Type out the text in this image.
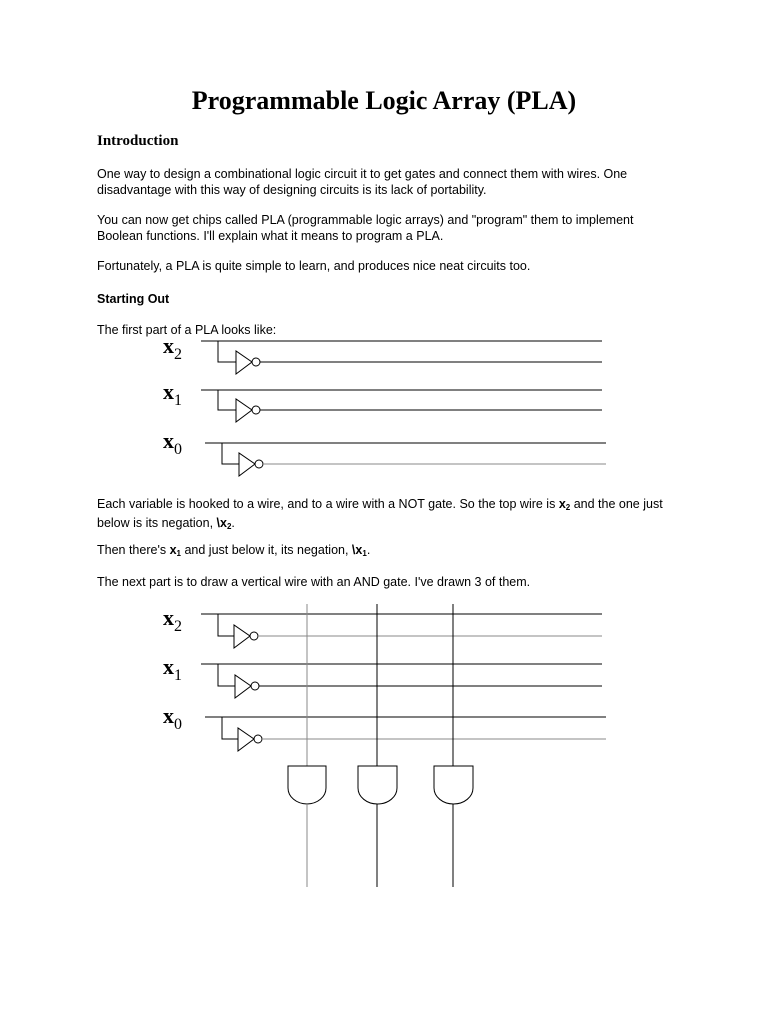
Programmable Logic Array (PLA)
Introduction
One way to design a combinational logic circuit it to get gates and connect them with wires. One disadvantage with this way of designing circuits is its lack of portability.
You can now get chips called PLA (programmable logic arrays) and "program" them to implement Boolean functions. I'll explain what it means to program a PLA.
Fortunately, a PLA is quite simple to learn, and produces nice neat circuits too.
Starting Out
The first part of a PLA looks like:
Each variable is hooked to a wire, and to a wire with a NOT gate. So the top wire is $x_2$ and the one just below is its negation, $\backslash x_2$.
Then there's $x_1$ and just below it, its negation, $\backslash x_1$.
The next part is to draw a vertical wire with an AND gate. I've drawn 3 of them.
$x_2$
$x_1$
$x_0$
$x_2$
$x_1$
$x_0$
